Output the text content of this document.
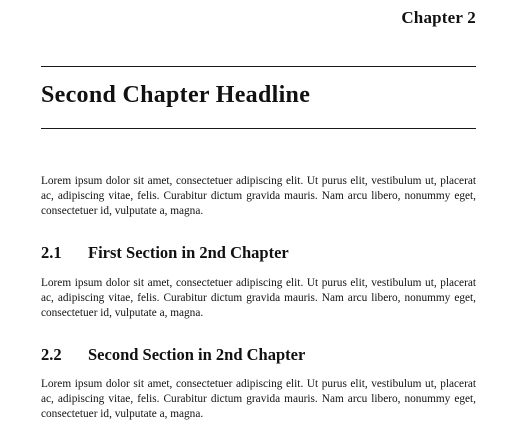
Chapter 2

Second Chapter Headline

Lorem ipsum dolor sit amet, consectetuer adipiscing elit. Ut purus elit, vestibulum ut, placerat ac, adipiscing vitae, felis. Curabitur dictum gravida mauris. Nam arcu libero, nonummy eget, consectetuer id, vulputate a, magna.

2.1 First Section in 2nd Chapter

Lorem ipsum dolor sit amet, consectetuer adipiscing elit. Ut purus elit, vestibulum ut, placerat ac, adipiscing vitae, felis. Curabitur dictum gravida mauris. Nam arcu libero, nonummy eget, consectetuer id, vulputate a, magna.

2.2 Second Section in 2nd Chapter

Lorem ipsum dolor sit amet, consectetuer adipiscing elit. Ut purus elit, vestibulum ut, placerat ac, adipiscing vitae, felis. Curabitur dictum gravida mauris. Nam arcu libero, nonummy eget, consectetuer id, vulputate a, magna.
